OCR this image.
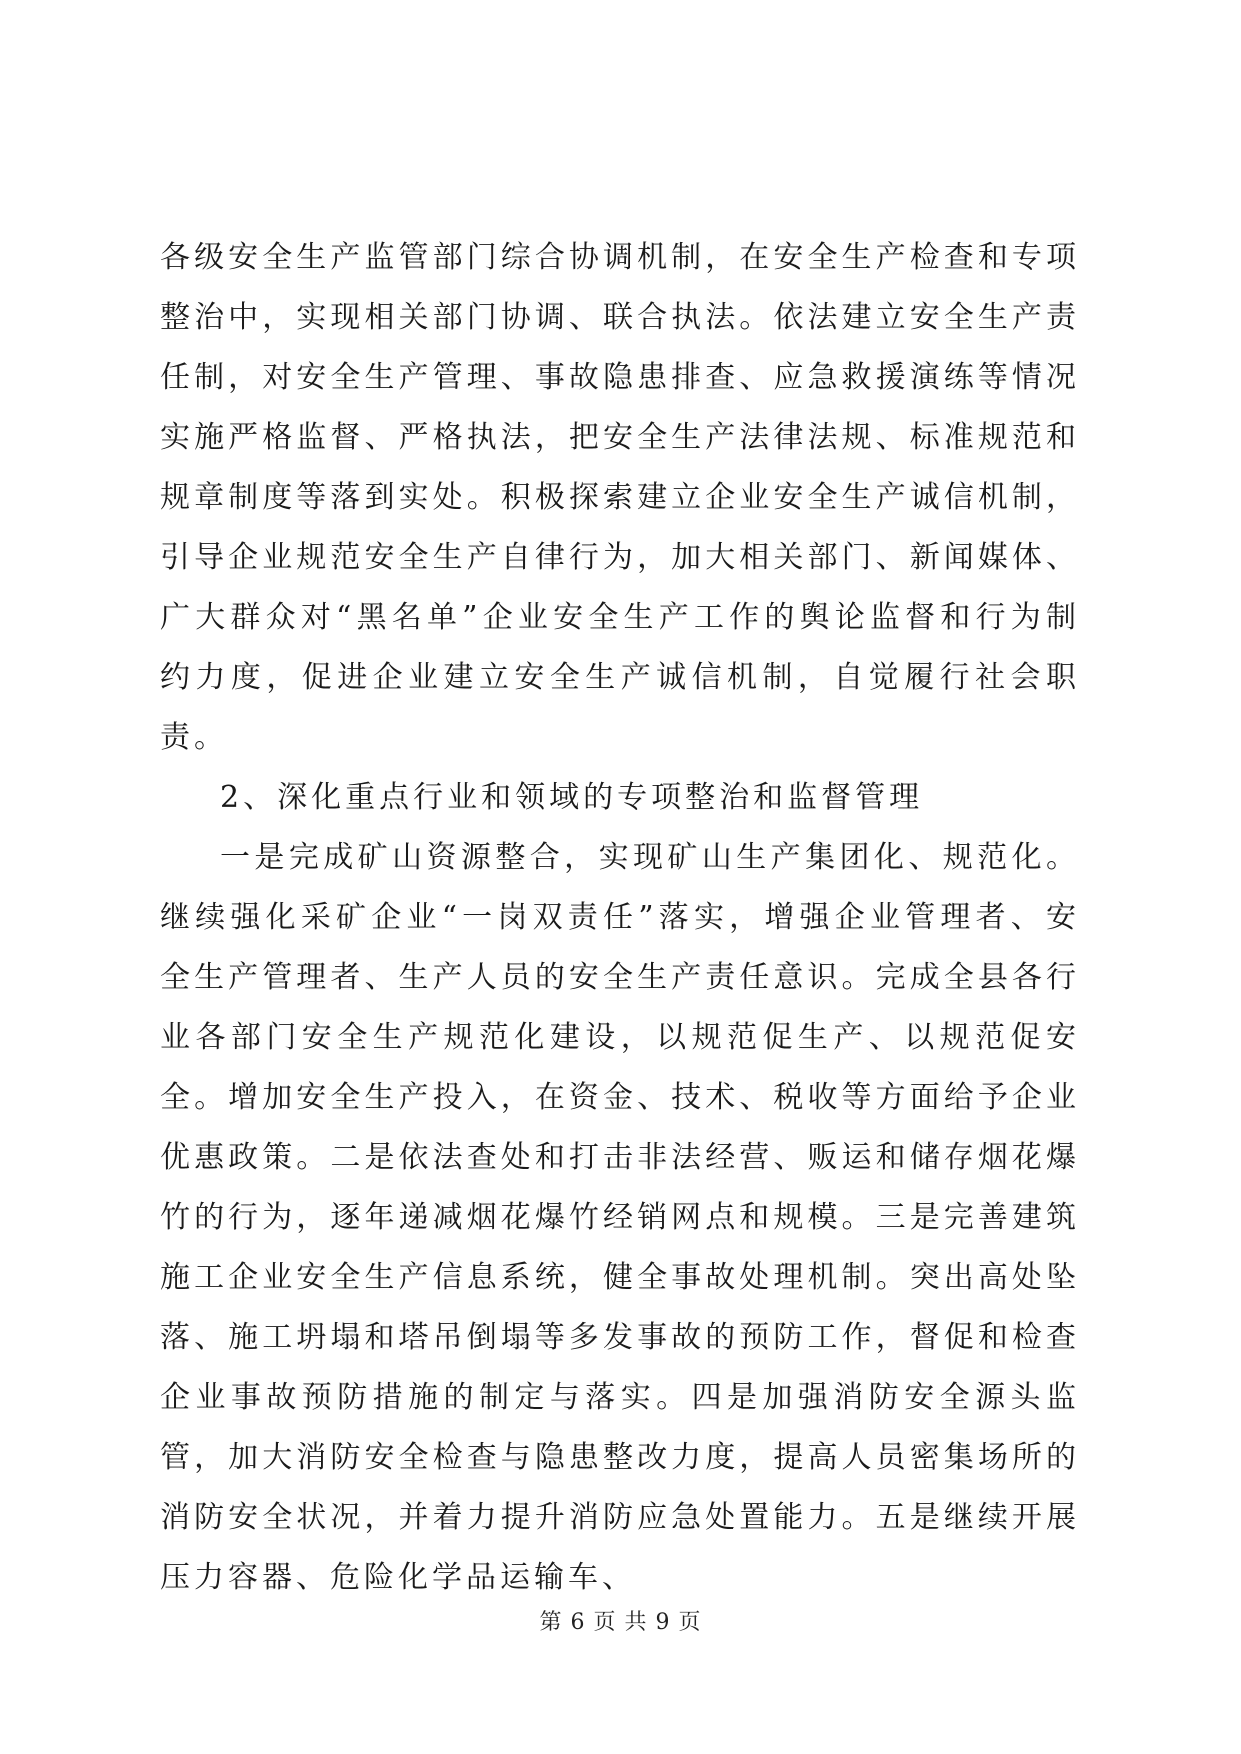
各级安全生产监管部门综合协调机制，在安全生产检查和专项整治中，实现相关部门协调、联合执法。依法建立安全生产责任制，对安全生产管理、事故隐患排查、应急救援演练等情况实施严格监督、严格执法，把安全生产法律法规、标准规范和规章制度等落到实处。积极探索建立企业安全生产诚信机制，引导企业规范安全生产自律行为，加大相关部门、新闻媒体、广大群众对“黑名单”企业安全生产工作的舆论监督和行为制约力度，促进企业建立安全生产诚信机制，自觉履行社会职责。

2、深化重点行业和领域的专项整治和监督管理

一是完成矿山资源整合，实现矿山生产集团化、规范化。继续强化采矿企业“一岗双责任”落实，增强企业管理者、安全生产管理者、生产人员的安全生产责任意识。完成全县各行业各部门安全生产规范化建设，以规范促生产、以规范促安全。增加安全生产投入，在资金、技术、税收等方面给予企业优惠政策。二是依法查处和打击非法经营、贩运和储存烟花爆竹的行为，逐年递减烟花爆竹经销网点和规模。三是完善建筑施工企业安全生产信息系统，健全事故处理机制。突出高处坠落、施工坍塌和塔吊倒塌等多发事故的预防工作，督促和检查企业事故预防措施的制定与落实。四是加强消防安全源头监管，加大消防安全检查与隐患整改力度，提高人员密集场所的消防安全状况，并着力提升消防应急处置能力。五是继续开展压力容器、危险化学品运输车、

第 6 页 共 9 页
